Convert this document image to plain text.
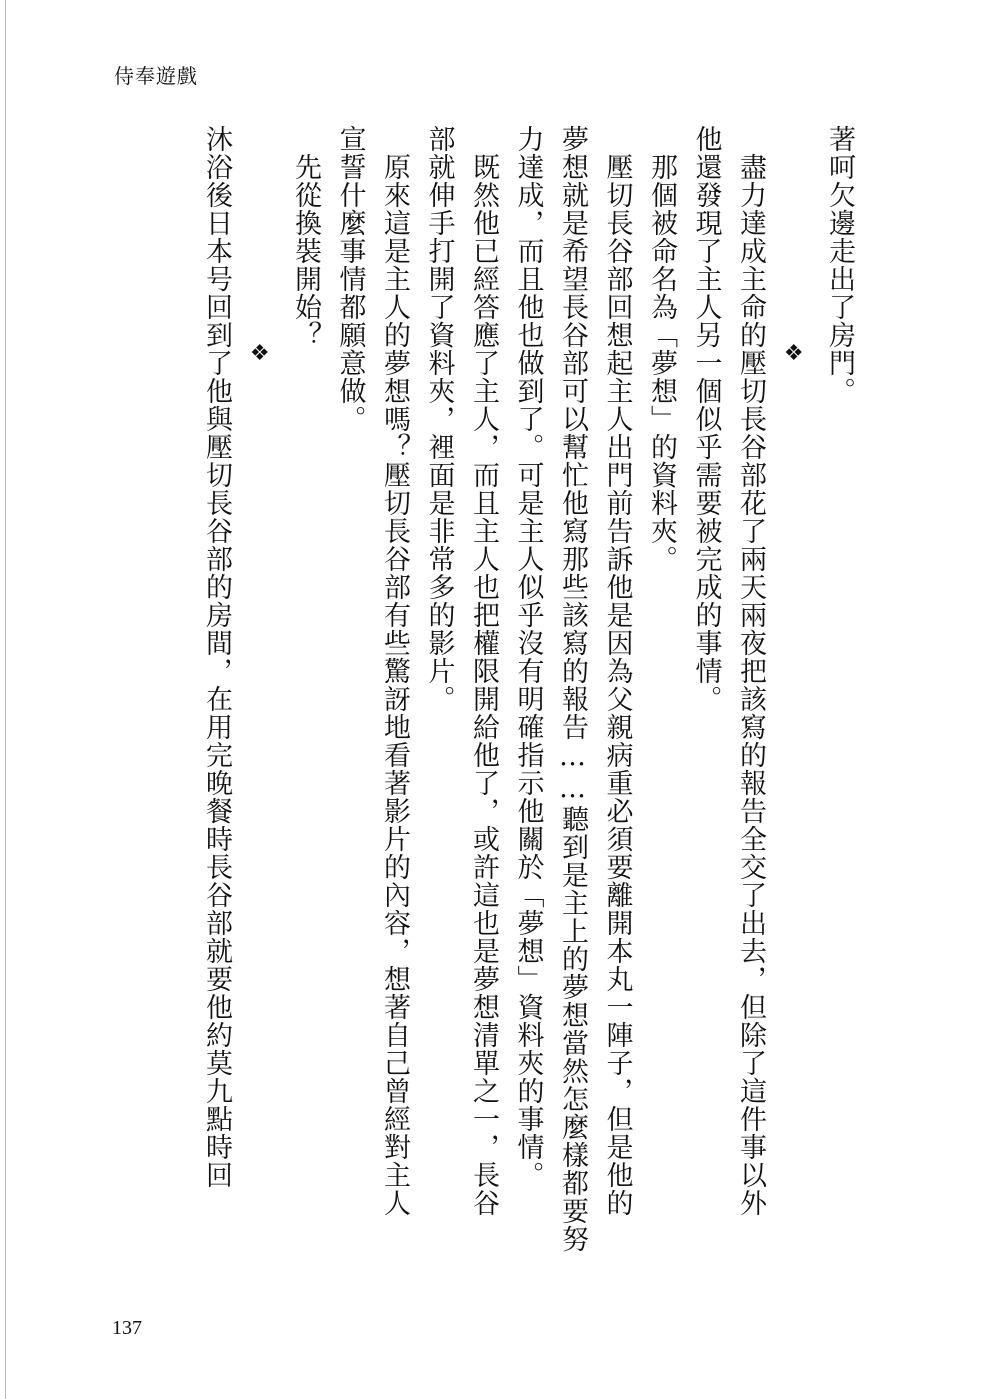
侍奉遊戲
著呵欠邊走出了房門。
❖
　盡力達成主命的壓切長谷部花了兩天兩夜把該寫的報告全交了出去，但除了這件事以外
他還發現了主人另一個似乎需要被完成的事情。
　那個被命名為「夢想」的資料夾。
　壓切長谷部回想起主人出門前告訴他是因為父親病重必須要離開本丸一陣子，但是他的
夢想就是希望長谷部可以幫忙他寫那些該寫的報告……聽到是主上的夢想當然怎麼樣都要努
力達成，而且他也做到了。可是主人似乎沒有明確指示他關於「夢想」資料夾的事情。
　既然他已經答應了主人，而且主人也把權限開給他了，或許這也是夢想清單之一，長谷
部就伸手打開了資料夾，裡面是非常多的影片。
　原來這是主人的夢想嗎？壓切長谷部有些驚訝地看著影片的內容，想著自己曾經對主人
宣誓什麼事情都願意做。
　先從換裝開始？
❖
沐浴後日本号回到了他與壓切長谷部的房間，在用完晚餐時長谷部就要他約莫九點時回
137
